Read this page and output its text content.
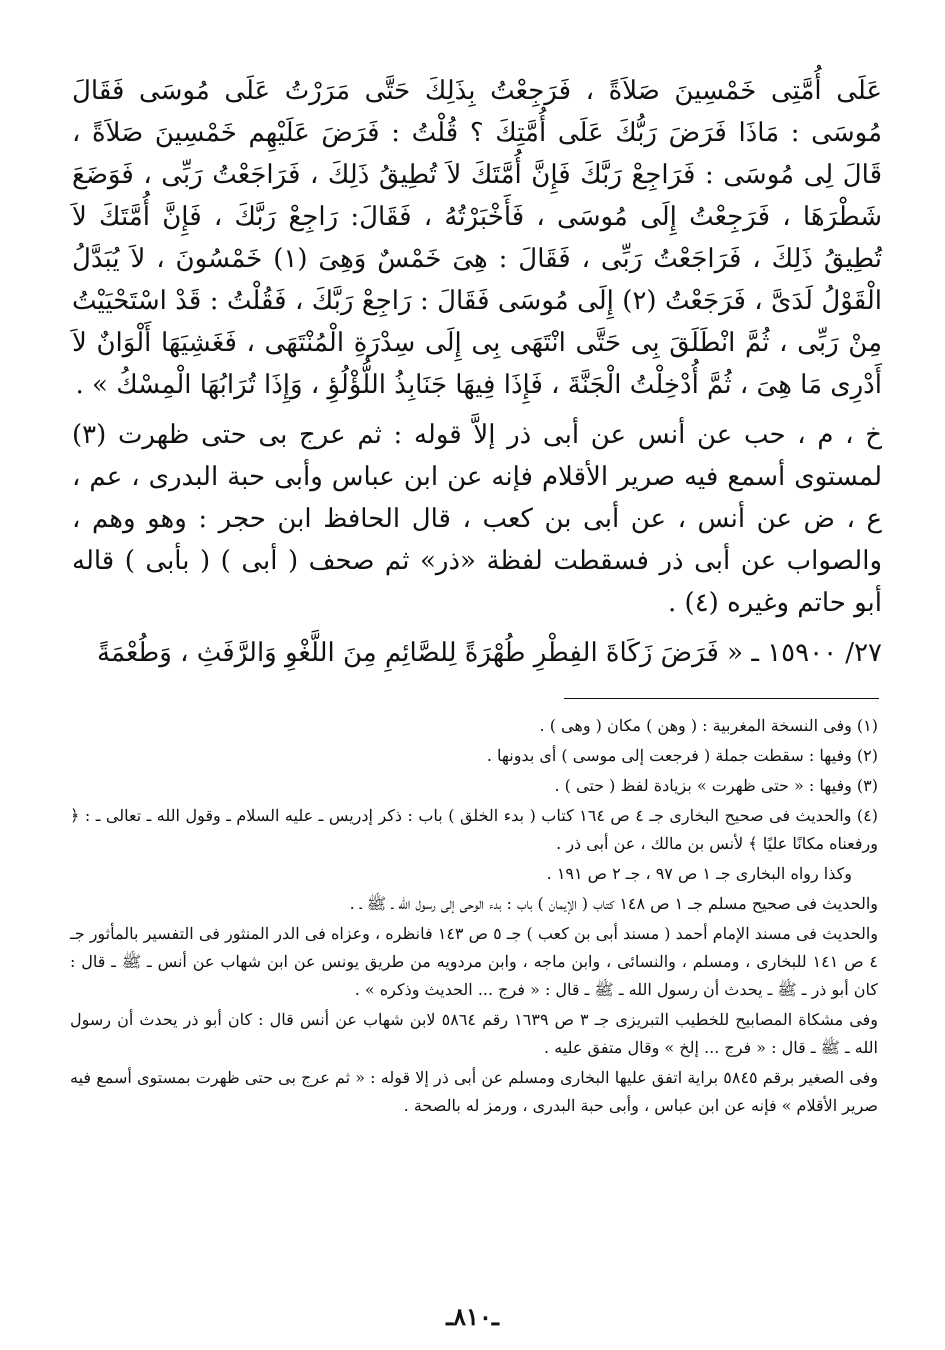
عَلَى أُمَّتِى خَمْسِينَ صَلاَةً ، فَرَجِعْتُ بِذَلِكَ حَتَّى مَرَرْتُ عَلَى مُوسَى فَقَالَ مُوسَى : مَاذَا فَرَضَ رَبُّكَ عَلَى أُمَّتِكَ ؟ قُلْتُ : فَرَضَ عَلَيْهِم خَمْسِينَ صَلاَةً ، قَالَ لِى مُوسَى : فَرَاجِعْ رَبَّكَ فَإِنَّ أُمَّتَكَ لاَ تُطِيقُ ذَلِكَ ، فَرَاجَعْتُ رَبِّى ، فَوَضَعَ شَطْرَهَا ، فَرَجِعْتُ إِلَى مُوسَى ، فَأَخْبَرْتُهُ ، فَقَالَ: رَاجِعْ رَبَّكَ ، فَإِنَّ أُمَّتَكَ لاَ تُطِيقُ ذَلِكَ ، فَرَاجَعْتُ رَبِّى ، فَقَالَ : هِىَ خَمْسٌ وَهِىَ (١) خَمْسُونَ ، لاَ يُبَدَّلُ الْقَوْلُ لَدَىَّ ، فَرَجَعْتُ (٢) إِلَى مُوسَى فَقَالَ : رَاجِعْ رَبَّكَ ، فَقُلْتُ : قَدْ اسْتَحْيَيْتُ مِنْ رَبِّى ، ثُمَّ انْطَلَقَ بِى حَتَّى انْتَهَى بِى إِلَى سِدْرَةِ الْمُنْتَهَى ، فَغَشِيَهَا أَلْوَانٌ لاَ أَدْرِى مَا هِىَ ، ثُمَّ أُدْخِلْتُ الْجَنَّةَ ، فَإِذَا فِيهَا جَنَابِذُ اللُّؤْلُؤِ ، وَإِذَا تُرَابُهَا الْمِسْكُ » .

خ ، م ، حب عن أنس عن أبى ذر إلاَّ قوله : ثم عرج بى حتى ظهرت (٣) لمستوى أسمع فيه صرير الأقلام فإنه عن ابن عباس وأبى حبة البدرى ، عم ، ع ، ض عن أنس ، عن أبى بن كعب ، قال الحافظ ابن حجر : وهو وهم ، والصواب عن أبى ذر فسقطت لفظة «ذر» ثم صحف ( أبى ) ( بأبى ) قاله أبو حاتم وغيره (٤) .

٢٧/ ١٥٩٠٠ ـ « فَرَضَ زَكَاةَ الفِطْرِ طُهْرَةً لِلصَّائِمِ مِنَ اللَّغْوِ وَالرَّفَثِ ، وَطُعْمَةً

(١) وفى النسخة المغربية : ( وهن ) مكان ( وهى ) .

(٢) وفيها : سقطت جملة ( فرجعت إلى موسى ) أى بدونها .

(٣) وفيها : « حتى ظهرت » بزيادة لفظ ( حتى ) .

(٤) والحديث فى صحيح البخارى جـ ٤ ص ١٦٤ كتاب ( بدء الخلق ) باب : ذكر إدريس ـ عليه السلام ـ وقول الله ـ تعالى ـ : ﴿ ورفعناه مكانًا عليًا ﴾ لأنس بن مالك ، عن أبى ذر .

وكذا رواه البخارى جـ ١ ص ٩٧ ، جـ ٢ ص ١٩١ .

والحديث فى صحيح مسلم جـ ١ ص ١٤٨ كتاب ( الإيمان ) باب : بدء الوحى إلى رسول الله ـ ﷺ ـ .

والحديث فى مسند الإمام أحمد ( مسند أبى بن كعب ) جـ ٥ ص ١٤٣ فانظره ، وعزاه فى الدر المنثور فى التفسير بالمأثور جـ ٤ ص ١٤١ للبخارى ، ومسلم ، والنسائى ، وابن ماجه ، وابن مردويه من طريق يونس عن ابن شهاب عن أنس ـ ﷺ ـ قال : كان أبو ذر ـ ﷺ ـ يحدث أن رسول الله ـ ﷺ ـ قال : « فرج ... الحديث وذكره » .

وفى مشكاة المصابيح للخطيب التبريزى جـ ٣ ص ١٦٣٩ رقم ٥٨٦٤ لابن شهاب عن أنس قال : كان أبو ذر يحدث أن رسول الله ـ ﷺ ـ قال : « فرج ... إلخ » وقال متفق عليه .

وفى الصغير برقم ٥٨٤٥ براية اتفق عليها البخارى ومسلم عن أبى ذر إلا قوله : « ثم عرج بى حتى ظهرت بمستوى أسمع فيه صرير الأقلام » فإنه عن ابن عباس ، وأبى حبة البدرى ، ورمز له بالصحة .

ـ٨١٠ـ
